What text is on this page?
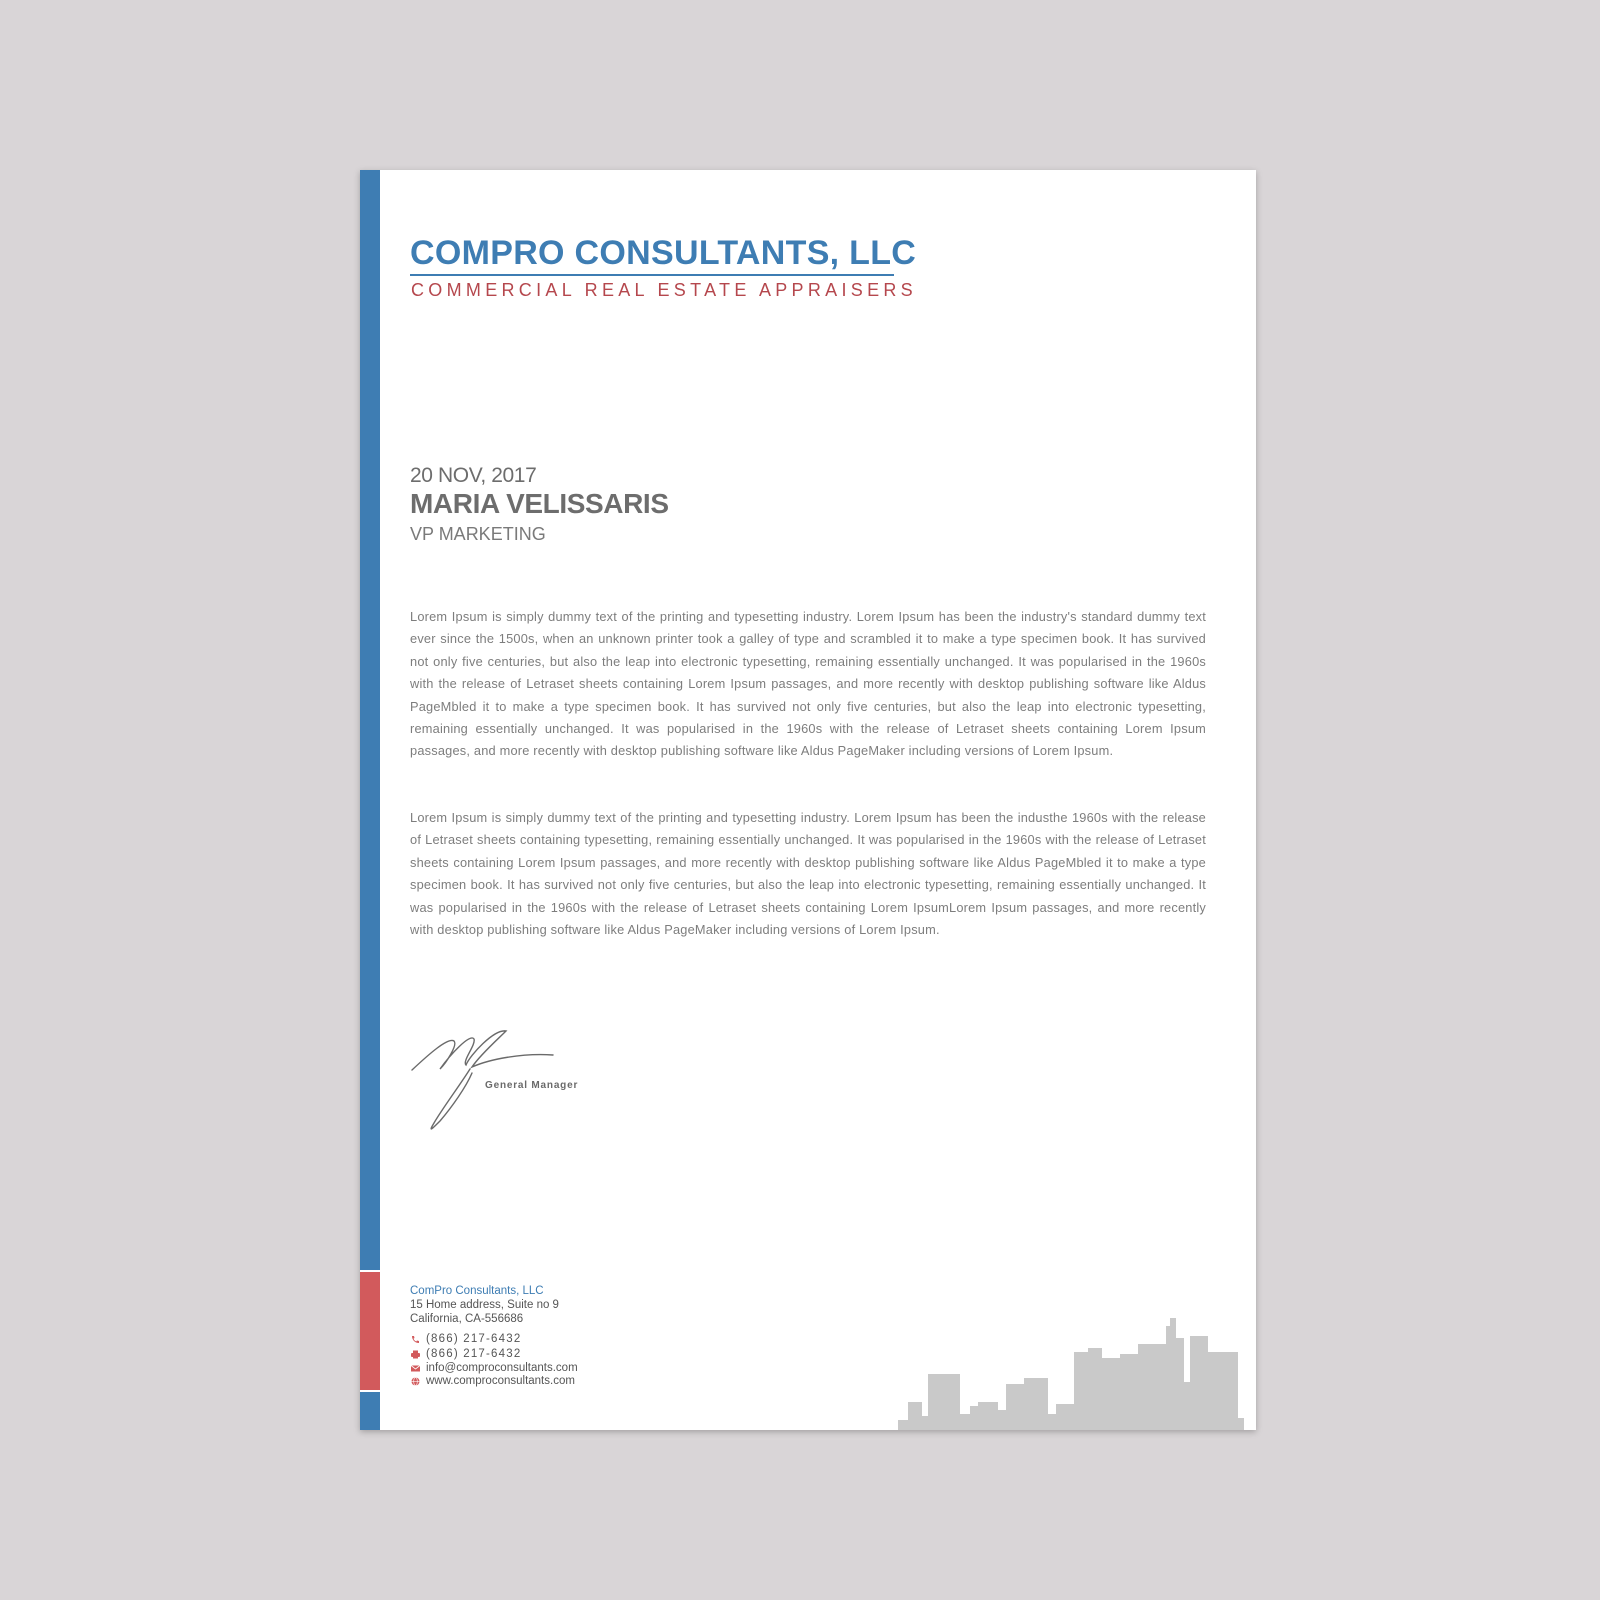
COMPRO CONSULTANTS, LLC
COMMERCIAL REAL ESTATE APPRAISERS
20 NOV, 2017
MARIA VELISSARIS
VP MARKETING

Lorem Ipsum is simply dummy text of the printing and typesetting industry. Lorem Ipsum has been the industry's standard dummy text ever since the 1500s, when an unknown printer took a galley of type and scrambled it to make a type specimen book. It has survived not only five centuries, but also the leap into electronic typesetting, remaining essentially unchanged. It was popularised in the 1960s with the release of Letraset sheets containing Lorem Ipsum passages, and more recently with desktop publishing software like Aldus PageMbled it to make a type specimen book. It has survived not only five centuries, but also the leap into electronic typesetting, remaining essentially unchanged. It was popularised in the 1960s with the release of Letraset sheets containing Lorem Ipsum passages, and more recently with desktop publishing software like Aldus PageMaker including versions of Lorem Ipsum.

Lorem Ipsum is simply dummy text of the printing and typesetting industry. Lorem Ipsum has been the industhe 1960s with the release of Letraset sheets containing typesetting, remaining essentially unchanged. It was popularised in the 1960s with the release of Letraset sheets containing Lorem Ipsum passages, and more recently with desktop publishing software like Aldus PageMbled it to make a type specimen book. It has survived not only five centuries, but also the leap into electronic typesetting, remaining essentially unchanged. It was popularised in the 1960s with the release of Letraset sheets containing Lorem IpsumLorem Ipsum passages, and more recently with desktop publishing software like Aldus PageMaker including versions of Lorem Ipsum.

General Manager
ComPro Consultants, LLC
15 Home address, Suite no 9
California, CA-556686
(866) 217-6432
(866) 217-6432
info@comproconsultants.com
www.comproconsultants.com
